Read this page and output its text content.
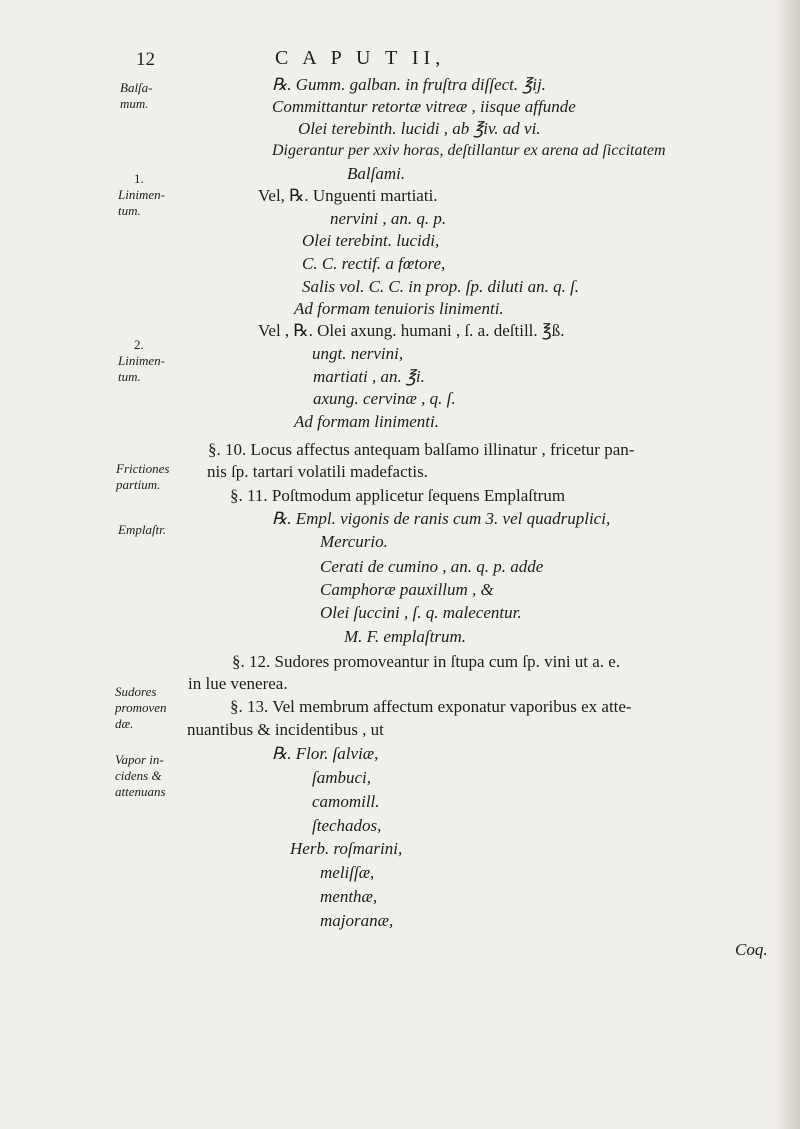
12	C A P U T II,
Balſa-
mum.
1.
Linimen-
tum.
2.
Linimen-
tum.
Frictiones
partium.
Emplaſtr.
Sudores
promoven
dæ.
Vapor in-
cidens &
attenuans
℞. Gumm. galban. in fruſtra diſſect. ℥ij.
Committantur retortæ vitreæ , iisque affunde
Olei terebinth. lucidi , ab ℥iv. ad vi.
Digerantur per xxiv horas, deſtillantur ex arena ad ſiccitatem
Balſami.
Vel, ℞. Unguenti martiati.
nervini , an. q. p.
Olei terebint. lucidi,
C. C. rectif. a fœtore,
Salis vol. C. C. in prop. ſp. diluti an. q. ſ.
Ad formam tenuioris linimenti.
Vel , ℞. Olei axung. humani , ſ. a. deſtill. ℥ß.
ungt. nervini,
martiati , an. ℥i.
axung. cervinæ , q. ſ.
Ad formam linimenti.
§. 10. Locus affectus antequam balſamo illinatur , fricetur pan-
nis ſp. tartari volatili madefactis.
§. 11. Poſtmodum applicetur ſequens Emplaſtrum
℞. Empl. vigonis de ranis cum 3. vel quadruplici,
Mercurio.
Cerati de cumino , an. q. p. adde
Camphoræ pauxillum , &
Olei ſuccini , ſ. q. malecentur.
M. F. emplaſtrum.
§. 12. Sudores promoveantur in ſtupa cum ſp. vini ut a. e.
in lue venerea.
§. 13. Vel membrum affectum exponatur vaporibus ex atte-
nuantibus & incidentibus , ut
℞. Flor. ſalviæ,
ſambuci,
camomill.
ſtechados,
Herb. roſmarini,
meliſſæ,
menthæ,
majoranæ,
Coq.
